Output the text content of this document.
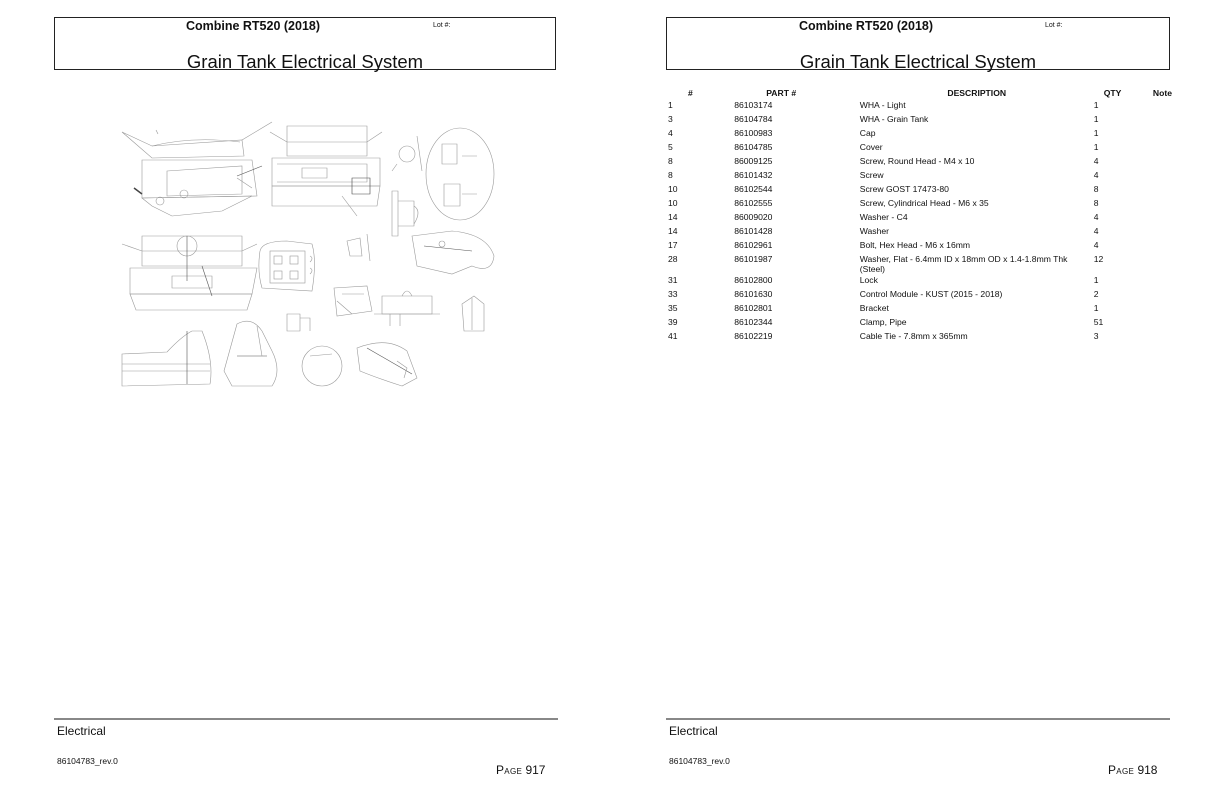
Combine RT520 (2018)	Lot #:
Grain Tank Electrical System
Electrical
86104783_rev.0
Page 917
Combine RT520 (2018)	Lot #:
Grain Tank Electrical System
#	PART #	DESCRIPTION	QTY	Note
1	86103174	WHA - Light	1	
3	86104784	WHA - Grain Tank	1	
4	86100983	Cap	1	
5	86104785	Cover	1	
8	86009125	Screw, Round Head - M4 x 10	4	
8	86101432	Screw	4	
10	86102544	Screw GOST 17473-80	8	
10	86102555	Screw, Cylindrical Head - M6 x 35	8	
14	86009020	Washer - C4	4	
14	86101428	Washer	4	
17	86102961	Bolt, Hex Head - M6 x 16mm	4	
28	86101987	Washer, Flat - 6.4mm ID x 18mm OD x 1.4-1.8mm Thk (Steel)	12	
31	86102800	Lock	1	
33	86101630	Control Module - KUST (2015 - 2018)	2	
35	86102801	Bracket	1	
39	86102344	Clamp, Pipe	51	
41	86102219	Cable Tie - 7.8mm x 365mm	3	
Electrical
86104783_rev.0
Page 918
